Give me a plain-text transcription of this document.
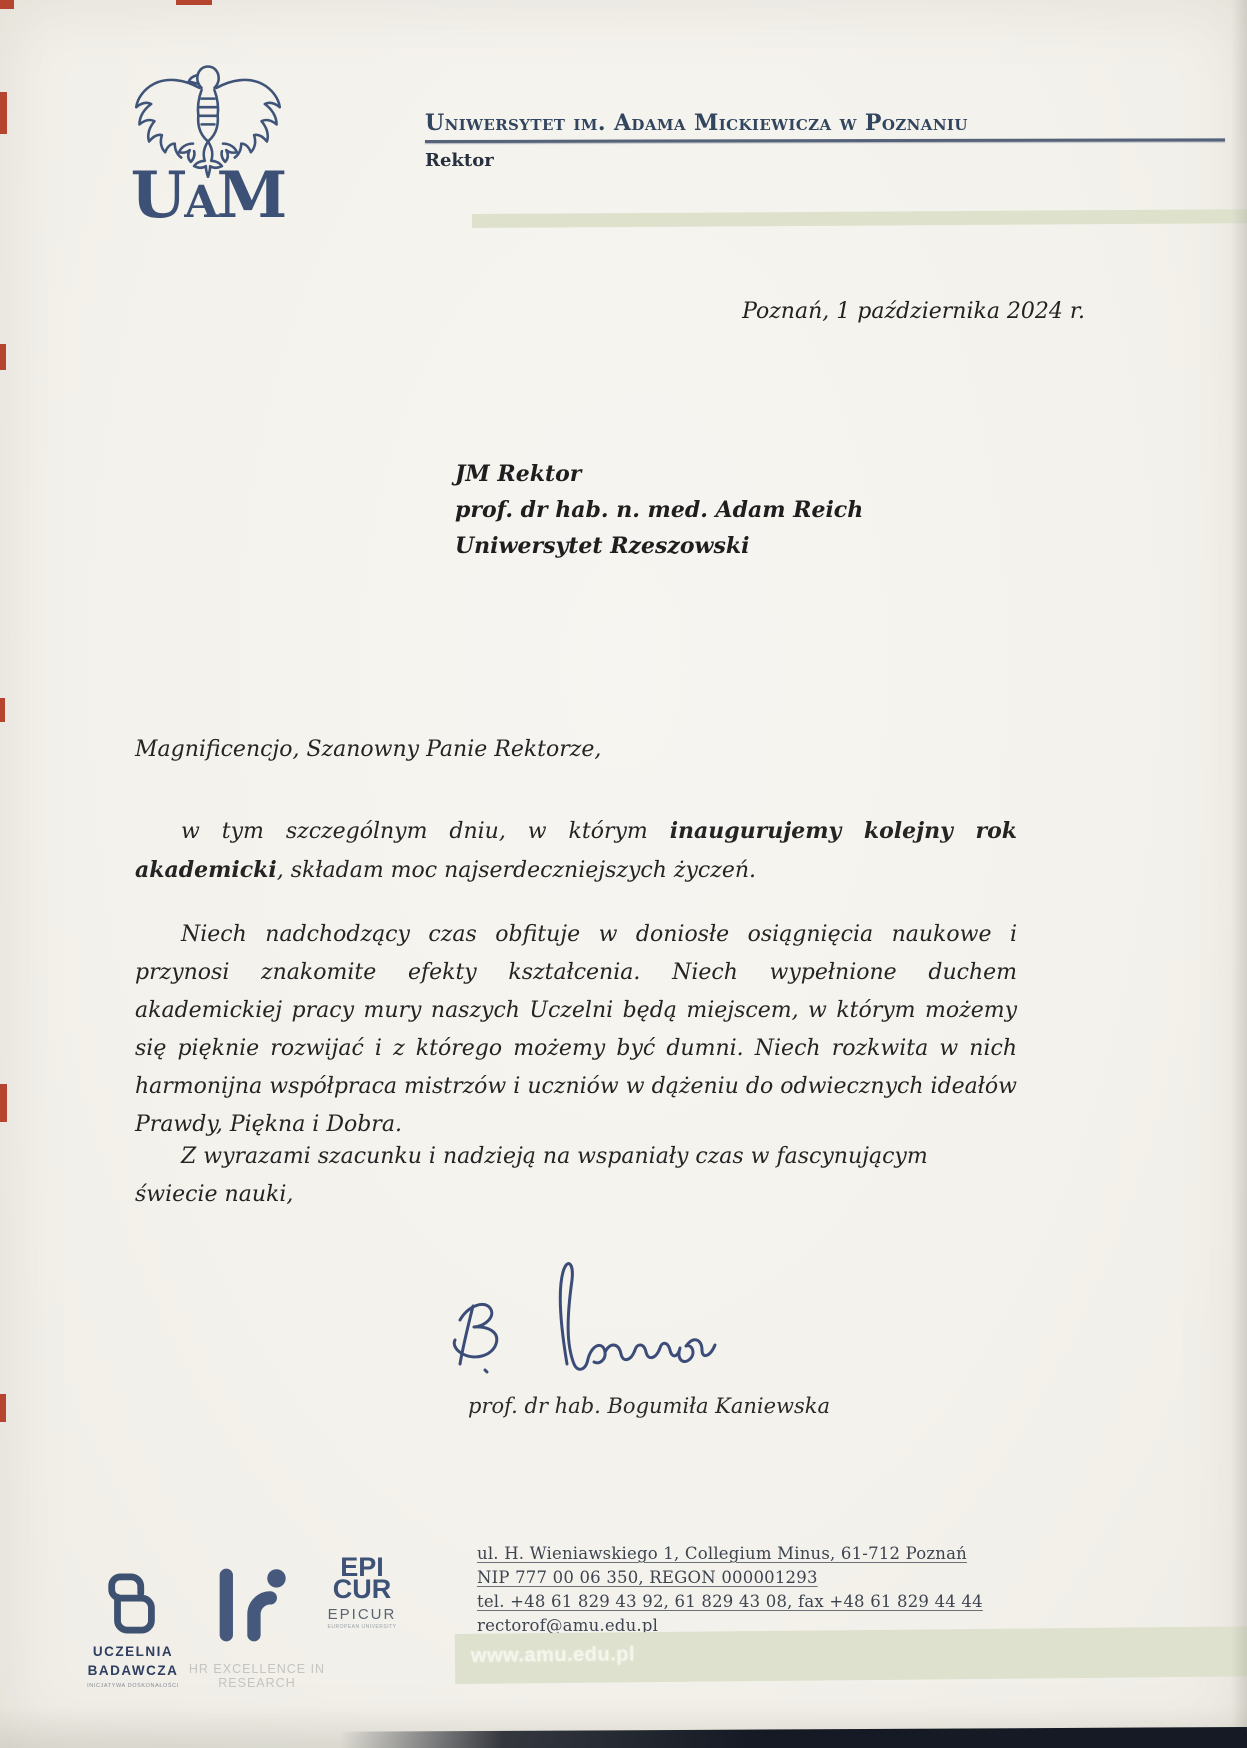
UAM
Uniwersytet im. Adama Mickiewicza w Poznaniu
Rektor
Poznań, 1 października 2024 r.
JM Rektor
prof. dr hab. n. med. Adam Reich
Uniwersytet Rzeszowski
Magnificencjo, Szanowny Panie Rektorze,

w tym szczególnym dniu, w którym inaugurujemy kolejny rok akademicki, składam moc najserdeczniejszych życzeń.

Niech nadchodzący czas obfituje w doniosłe osiągnięcia naukowe i przynosi znakomite efekty kształcenia. Niech wypełnione duchem akademickiej pracy mury naszych Uczelni będą miejscem, w którym możemy się pięknie rozwijać i z którego możemy być dumni. Niech rozkwita w nich harmonijna współpraca mistrzów i uczniów w dążeniu do odwiecznych ideałów Prawdy, Piękna i Dobra.

Z wyrazami szacunku i nadzieją na wspaniały czas w fascynującym świecie nauki,

prof. dr hab. Bogumiła Kaniewska
ul. H. Wieniawskiego 1, Collegium Minus, 61-712 Poznań
NIP 777 00 06 350, REGON 000001293
tel. +48 61 829 43 92, 61 829 43 08, fax +48 61 829 44 44
rectorof@amu.edu.pl
www.amu.edu.pl
UCZELNIA BADAWCZA
INICJATYWA DOSKONAŁOŚCI
HR EXCELLENCE IN RESEARCH
EPI
CUR
EPICUR
EUROPEAN UNIVERSITY
